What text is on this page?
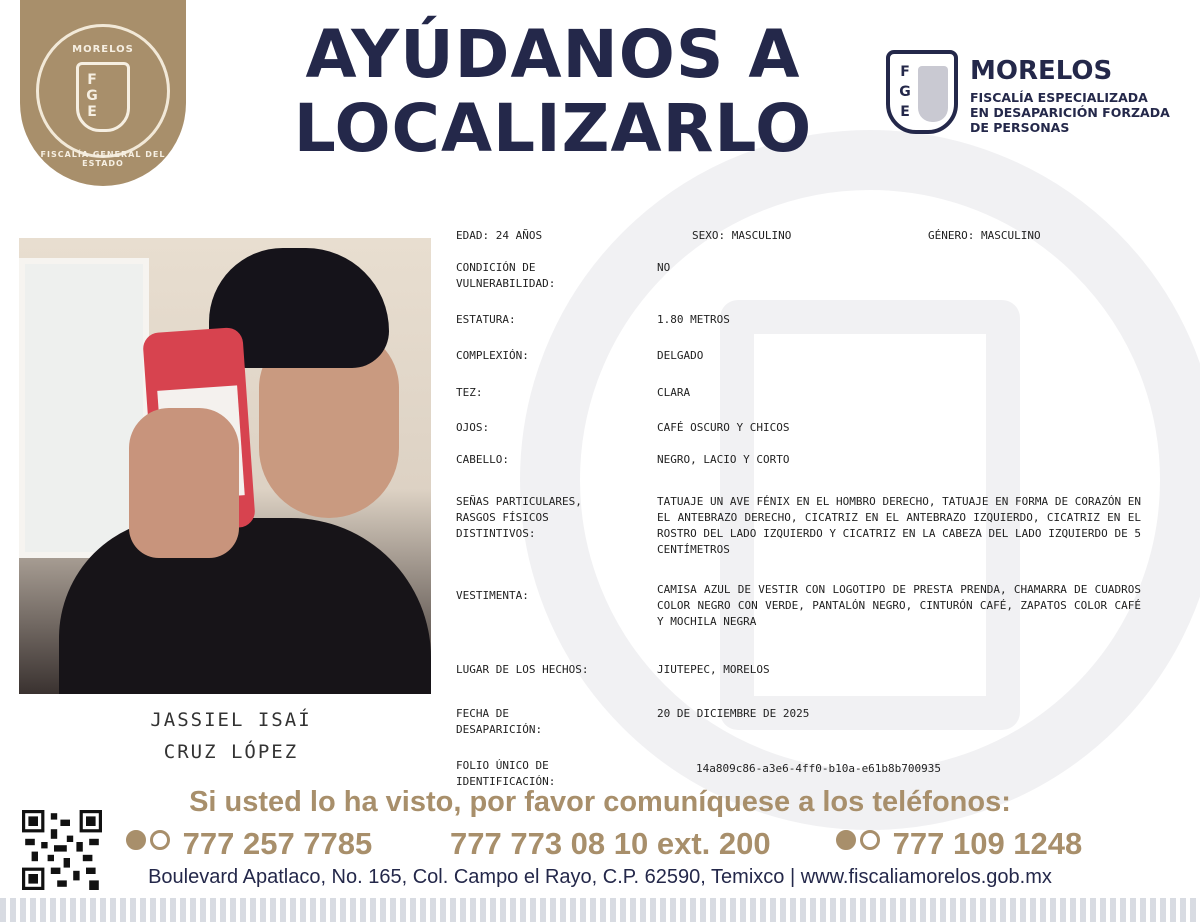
MORELOS
F
G
E
FISCALÍA GENERAL DEL ESTADO
AYÚDANOS A
LOCALIZARLO
F
G
E
MORELOS
FISCALÍA ESPECIALIZADA
EN DESAPARICIÓN FORZADA
DE PERSONAS
JASSIEL ISAÍ
CRUZ LÓPEZ
EDAD: 24 AÑOS	SEXO: MASCULINO	GÉNERO: MASCULINO
CONDICIÓN DE VULNERABILIDAD:
NO
ESTATURA:	1.80 METROS
COMPLEXIÓN:	DELGADO
TEZ:	CLARA
OJOS:	CAFÉ OSCURO Y CHICOS
CABELLO:	NEGRO, LACIO Y CORTO
SEÑAS PARTICULARES, RASGOS FÍSICOS DISTINTIVOS:
TATUAJE UN AVE FÉNIX EN EL HOMBRO DERECHO, TATUAJE EN FORMA DE CORAZÓN EN EL ANTEBRAZO DERECHO, CICATRIZ EN EL ANTEBRAZO IZQUIERDO, CICATRIZ EN EL ROSTRO DEL LADO IZQUIERDO Y CICATRIZ EN LA CABEZA DEL LADO IZQUIERDO DE 5 CENTÍMETROS
VESTIMENTA:	CAMISA AZUL DE VESTIR CON LOGOTIPO DE PRESTA PRENDA, CHAMARRA DE CUADROS COLOR NEGRO CON VERDE, PANTALÓN NEGRO, CINTURÓN CAFÉ, ZAPATOS COLOR CAFÉ Y MOCHILA NEGRA
LUGAR DE LOS HECHOS:	JIUTEPEC, MORELOS
FECHA DE DESAPARICIÓN:
20 DE DICIEMBRE DE 2025
FOLIO ÚNICO DE IDENTIFICACIÓN:
14a809c86-a3e6-4ff0-b10a-e61b8b700935
Si usted lo ha visto, por favor comuníquese a los teléfonos:
777 257 7785	777 773 08 10 ext. 200	777 109 1248
Boulevard Apatlaco, No. 165, Col. Campo el Rayo, C.P. 62590, Temixco | www.fiscaliamorelos.gob.mx
